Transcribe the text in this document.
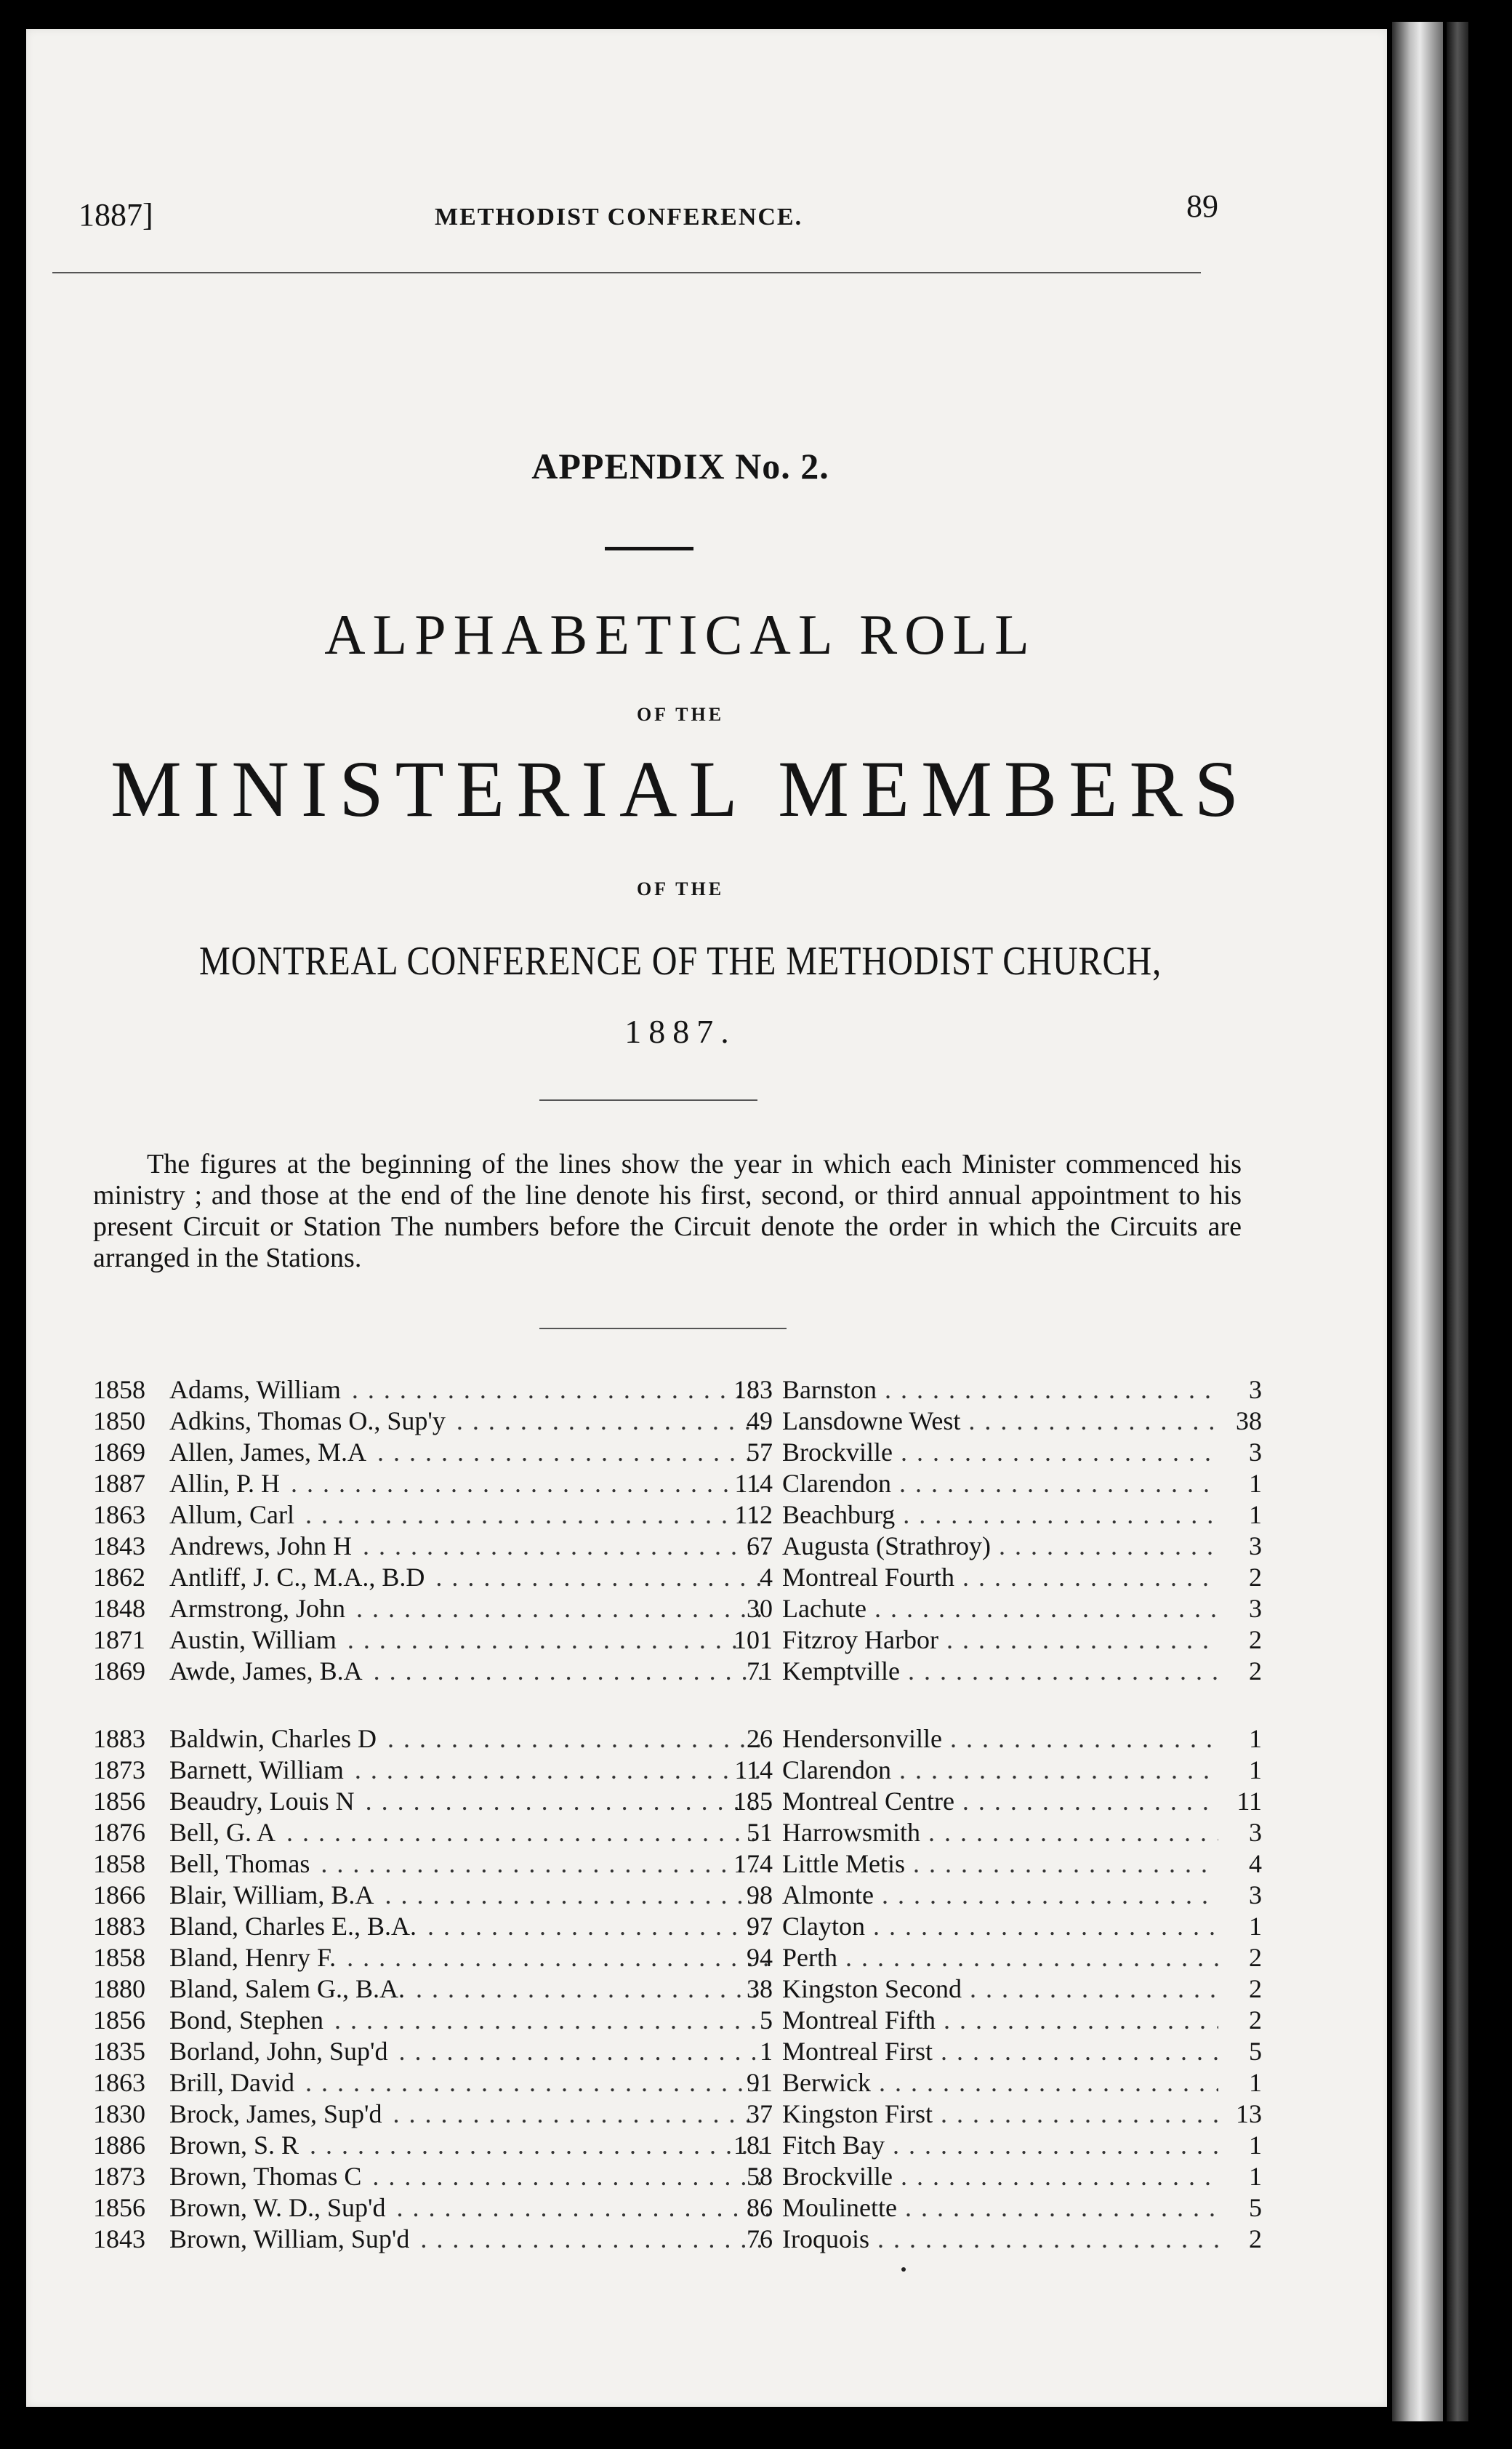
1887]	METHODIST CONFERENCE.	89
APPENDIX No. 2.
ALPHABETICAL ROLL
OF THE
MINISTERIAL MEMBERS
OF THE
MONTREAL CONFERENCE OF THE METHODIST CHURCH,
1887.

The figures at the beginning of the lines show the year in which each Minister commenced his ministry ; and those at the end of the line denote his first, second, or third annual appointment to his present Circuit or Station The numbers before the Circuit denote the order in which the Circuits are arranged in the Stations.

1858 Adams, William . . .	183 Barnston . . .	3
1850 Adkins, Thomas O., Sup'y . . .	49 Lansdowne West . . .	38
1869 Allen, James, M.A . . .	57 Brockville . . .	3
1887 Allin, P. H . . .	114 Clarendon . . .	1
1863 Allum, Carl . . .	112 Beachburg . . .	1
1843 Andrews, John H . . .	67 Augusta (Strathroy) . . .	3
1862 Antliff, J. C., M.A., B.D . . .	4 Montreal Fourth . . .	2
1848 Armstrong, John . . .	30 Lachute . . .	3
1871 Austin, William . . .	101 Fitzroy Harbor . . .	2
1869 Awde, James, B.A . . .	71 Kemptville . . .	2
1883 Baldwin, Charles D . . .	26 Hendersonville . . .	1
1873 Barnett, William . . .	114 Clarendon . . .	1
1856 Beaudry, Louis N . . .	185 Montreal Centre . . .	11
1876 Bell, G. A . . .	51 Harrowsmith . . .	3
1858 Bell, Thomas . . .	174 Little Metis . . .	4
1866 Blair, William, B.A . . .	98 Almonte . . .	3
1883 Bland, Charles E., B.A. . . .	97 Clayton . . .	1
1858 Bland, Henry F. . . .	94 Perth . . .	2
1880 Bland, Salem G., B.A. . . .	38 Kingston Second . . .	2
1856 Bond, Stephen . . .	5 Montreal Fifth . . .	2
1835 Borland, John, Sup'd . . .	1 Montreal First . . .	5
1863 Brill, David . . .	91 Berwick . . .	1
1830 Brock, James, Sup'd . . .	37 Kingston First . . .	13
1886 Brown, S. R . . .	181 Fitch Bay . . .	1
1873 Brown, Thomas C . . .	58 Brockville . . .	1
1856 Brown, W. D., Sup'd . . .	86 Moulinette . . .	5
1843 Brown, William, Sup'd . . .	76 Iroquois . . .	2
